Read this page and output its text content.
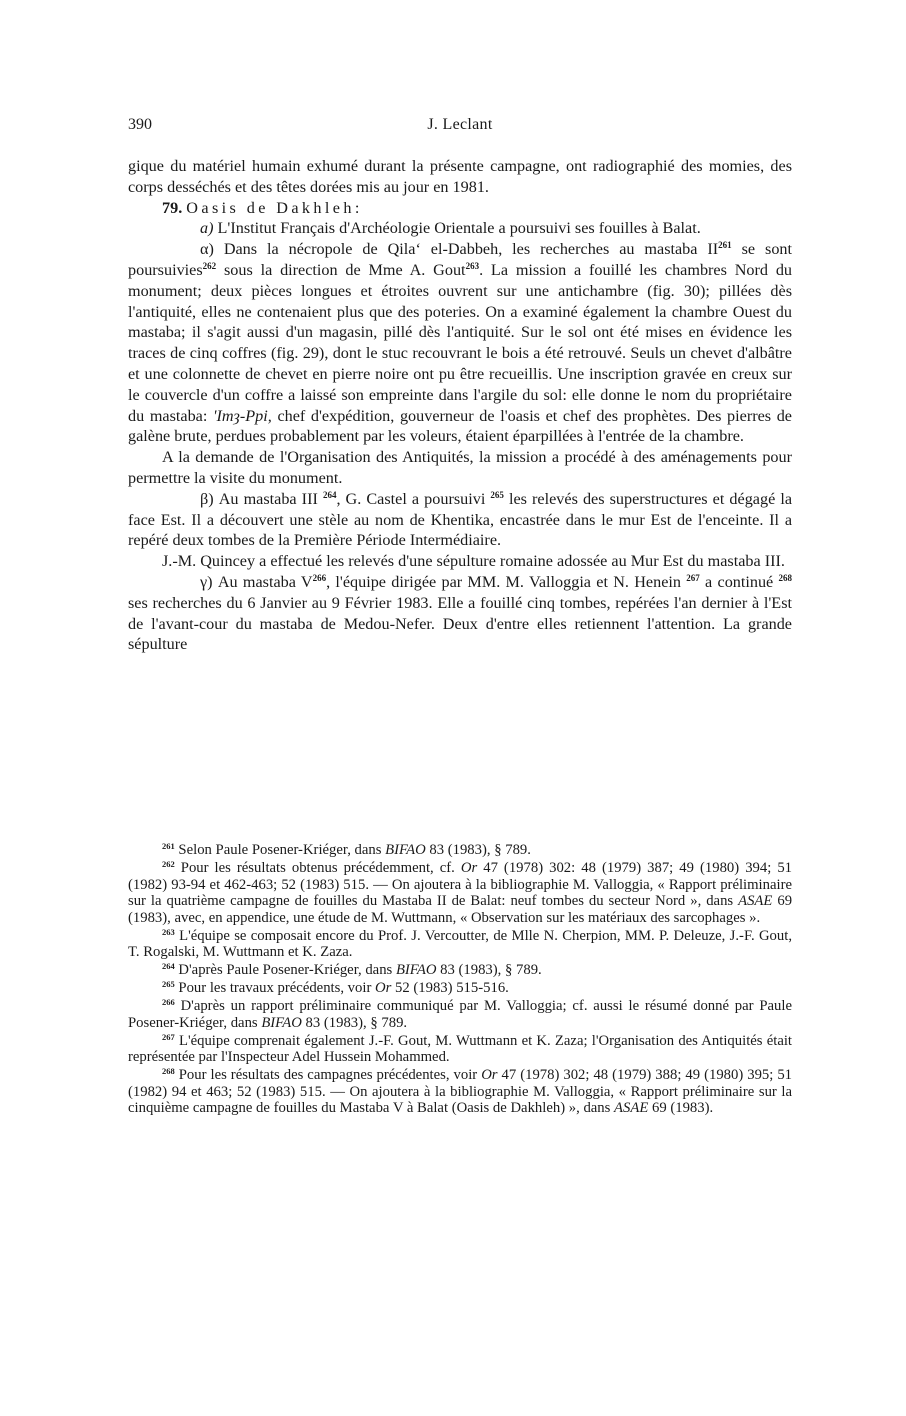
390	J. Leclant

gique du matériel humain exhumé durant la présente campagne, ont radiographié des momies, des corps desséchés et des têtes dorées mis au jour en 1981.

79. Oasis de Dakhleh:

a) L'Institut Français d'Archéologie Orientale a poursuivi ses fouilles à Balat.

α) Dans la nécropole de Qila‘ el-Dabbeh, les recherches au mastaba II$^{261}$ se sont poursuivies$^{262}$ sous la direction de Mme A. Gout$^{263}$. La mission a fouillé les chambres Nord du monument; deux pièces longues et étroites ouvrent sur une antichambre (fig. 30); pillées dès l'antiquité, elles ne contenaient plus que des poteries. On a examiné également la chambre Ouest du mastaba; il s'agit aussi d'un magasin, pillé dès l'antiquité. Sur le sol ont été mises en évidence les traces de cinq coffres (fig. 29), dont le stuc recouvrant le bois a été retrouvé. Seuls un chevet d'albâtre et une colonnette de chevet en pierre noire ont pu être recueillis. Une inscription gravée en creux sur le couvercle d'un coffre a laissé son empreinte dans l'argile du sol: elle donne le nom du propriétaire du mastaba: 'Imȝ-Ppi, chef d'expédition, gouverneur de l'oasis et chef des prophètes. Des pierres de galène brute, perdues probablement par les voleurs, étaient éparpillées à l'entrée de la chambre.

A la demande de l'Organisation des Antiquités, la mission a procédé à des aménagements pour permettre la visite du monument.

β) Au mastaba III $^{264}$, G. Castel a poursuivi $^{265}$ les relevés des superstructures et dégagé la face Est. Il a découvert une stèle au nom de Khentika, encastrée dans le mur Est de l'enceinte. Il a repéré deux tombes de la Première Période Intermédiaire.

J.-M. Quincey a effectué les relevés d'une sépulture romaine adossée au Mur Est du mastaba III.

γ) Au mastaba $V^{266}$, l'équipe dirigée par MM. M. Valloggia et N. Henein $^{267}$ a continué $^{268}$ ses recherches du 6 Janvier au 9 Février 1983. Elle a fouillé cinq tombes, repérées l'an dernier à l'Est de l'avant-cour du mastaba de Medou-Nefer. Deux d'entre elles retiennent l'attention. La grande sépulture

$^{261}$ Selon Paule Posener-Kriéger, dans BIFAO 83 (1983), § 789.

$^{262}$ Pour les résultats obtenus précédemment, cf. Or 47 (1978) 302: 48 (1979) 387; 49 (1980) 394; 51 (1982) 93-94 et 462-463; 52 (1983) 515. — On ajoutera à la bibliographie M. Valloggia, « Rapport préliminaire sur la quatrième campagne de fouilles du Mastaba II de Balat: neuf tombes du secteur Nord », dans ASAE 69 (1983), avec, en appendice, une étude de M. Wuttmann, « Observation sur les matériaux des sarcophages ».

$^{263}$ L'équipe se composait encore du Prof. J. Vercoutter, de Mlle N. Cherpion, MM. P. Deleuze, J.-F. Gout, T. Rogalski, M. Wuttmann et K. Zaza.

$^{264}$ D'après Paule Posener-Kriéger, dans BIFAO 83 (1983), § 789.

$^{265}$ Pour les travaux précédents, voir Or 52 (1983) 515-516.

$^{266}$ D'après un rapport préliminaire communiqué par M. Valloggia; cf. aussi le résumé donné par Paule Posener-Kriéger, dans BIFAO 83 (1983), § 789.

$^{267}$ L'équipe comprenait également J.-F. Gout, M. Wuttmann et K. Zaza; l'Organisation des Antiquités était représentée par l'Inspecteur Adel Hussein Mohammed.

$^{268}$ Pour les résultats des campagnes précédentes, voir Or 47 (1978) 302; 48 (1979) 388; 49 (1980) 395; 51 (1982) 94 et 463; 52 (1983) 515. — On ajoutera à la bibliographie M. Valloggia, « Rapport préliminaire sur la cinquième campagne de fouilles du Mastaba V à Balat (Oasis de Dakhleh) », dans ASAE 69 (1983).
